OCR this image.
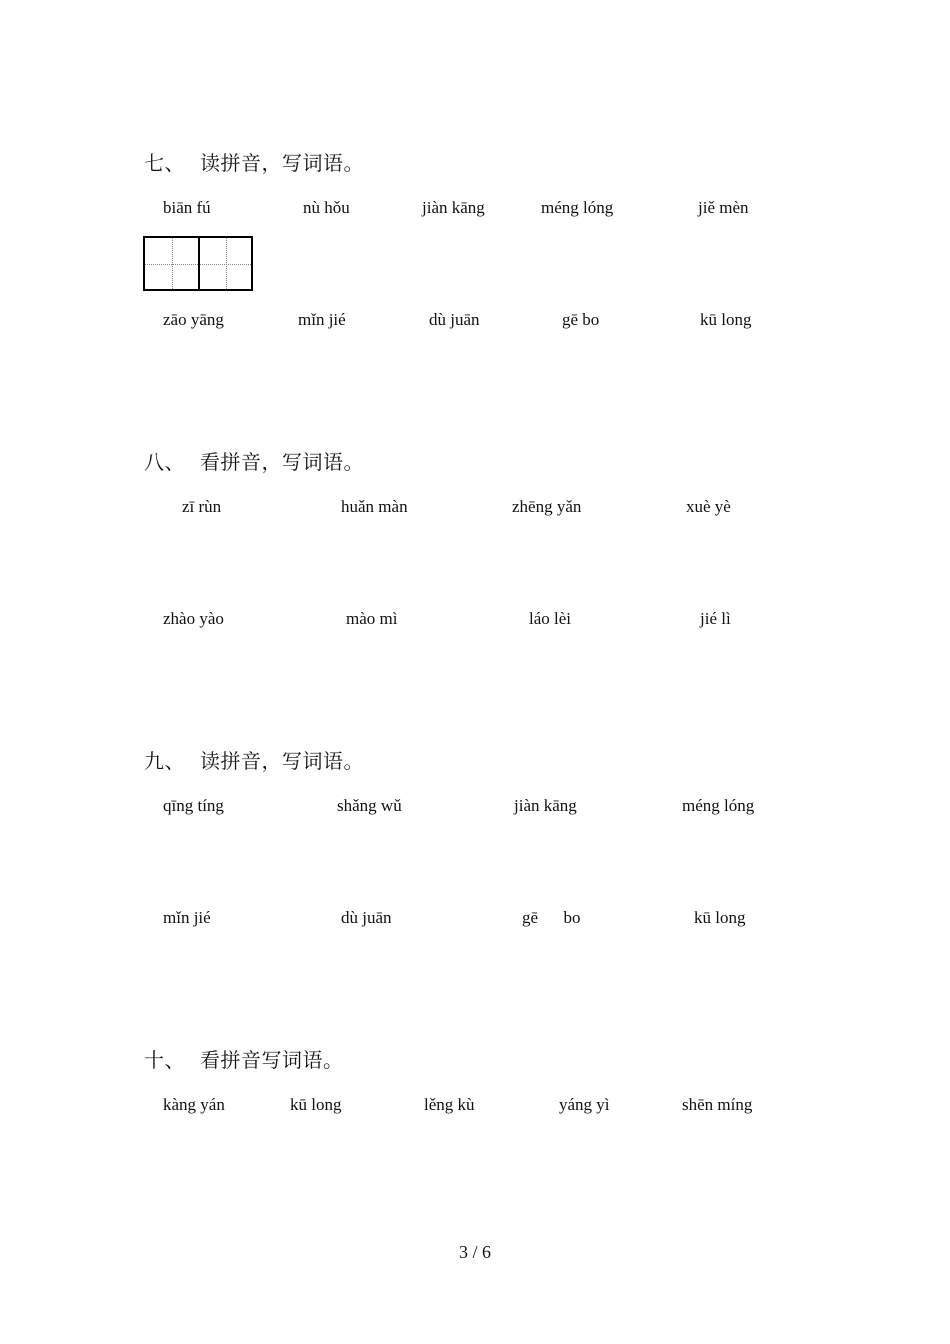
七、 读拼音，写词语。
biān fú	nù hǒu	jiàn kāng	méng lóng	jiě mèn
zāo yāng	mǐn jié	dù juān	gē bo	kū long
八、 看拼音，写词语。
zī rùn	huǎn màn	zhēng yǎn	xuè yè
zhào yào	mào mì	láo lèi	jié lì
九、 读拼音，写词语。
qīng tíng	shǎng wǔ	jiàn kāng	méng lóng
mǐn jié	dù juān	gē      bo	kū long
十、 看拼音写词语。
kàng yán	kū long	lěng kù	yáng yì	shēn míng
3 / 6
